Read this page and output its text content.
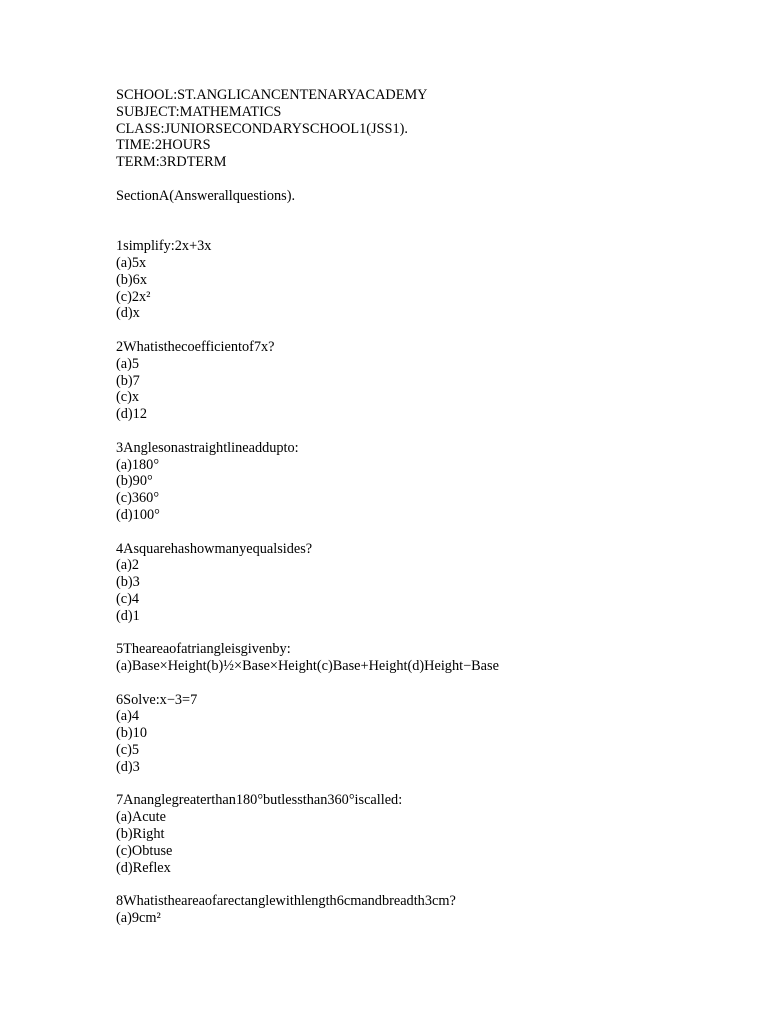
SCHOOL:ST.ANGLICANCENTENARYACADEMY
SUBJECT:MATHEMATICS
CLASS:JUNIORSECONDARYSCHOOL1(JSS1).
TIME:2HOURS
TERM:3RDTERM
SectionA(Answerallquestions).
1simplify:2x+3x
(a)5x
(b)6x
(c)2x²
(d)x
2Whatisthecoefficientof7x?
(a)5
(b)7
(c)x
(d)12
3Anglesonastraightlineaddupto:
(a)180°
(b)90°
(c)360°
(d)100°
4Asquarehashowmanyequalsides?
(a)2
(b)3
(c)4
(d)1
5Theareaofatriangleisgivenby:
(a)Base×Height(b)½×Base×Height(c)Base+Height(d)Height−Base
6Solve:x−3=7
(a)4
(b)10
(c)5
(d)3
7Ananglegreaterthan180°butlessthan360°iscalled:
(a)Acute
(b)Right
(c)Obtuse
(d)Reflex
8Whatistheareaofarectanglewithlength6cmandbreadth3cm?
(a)9cm²
